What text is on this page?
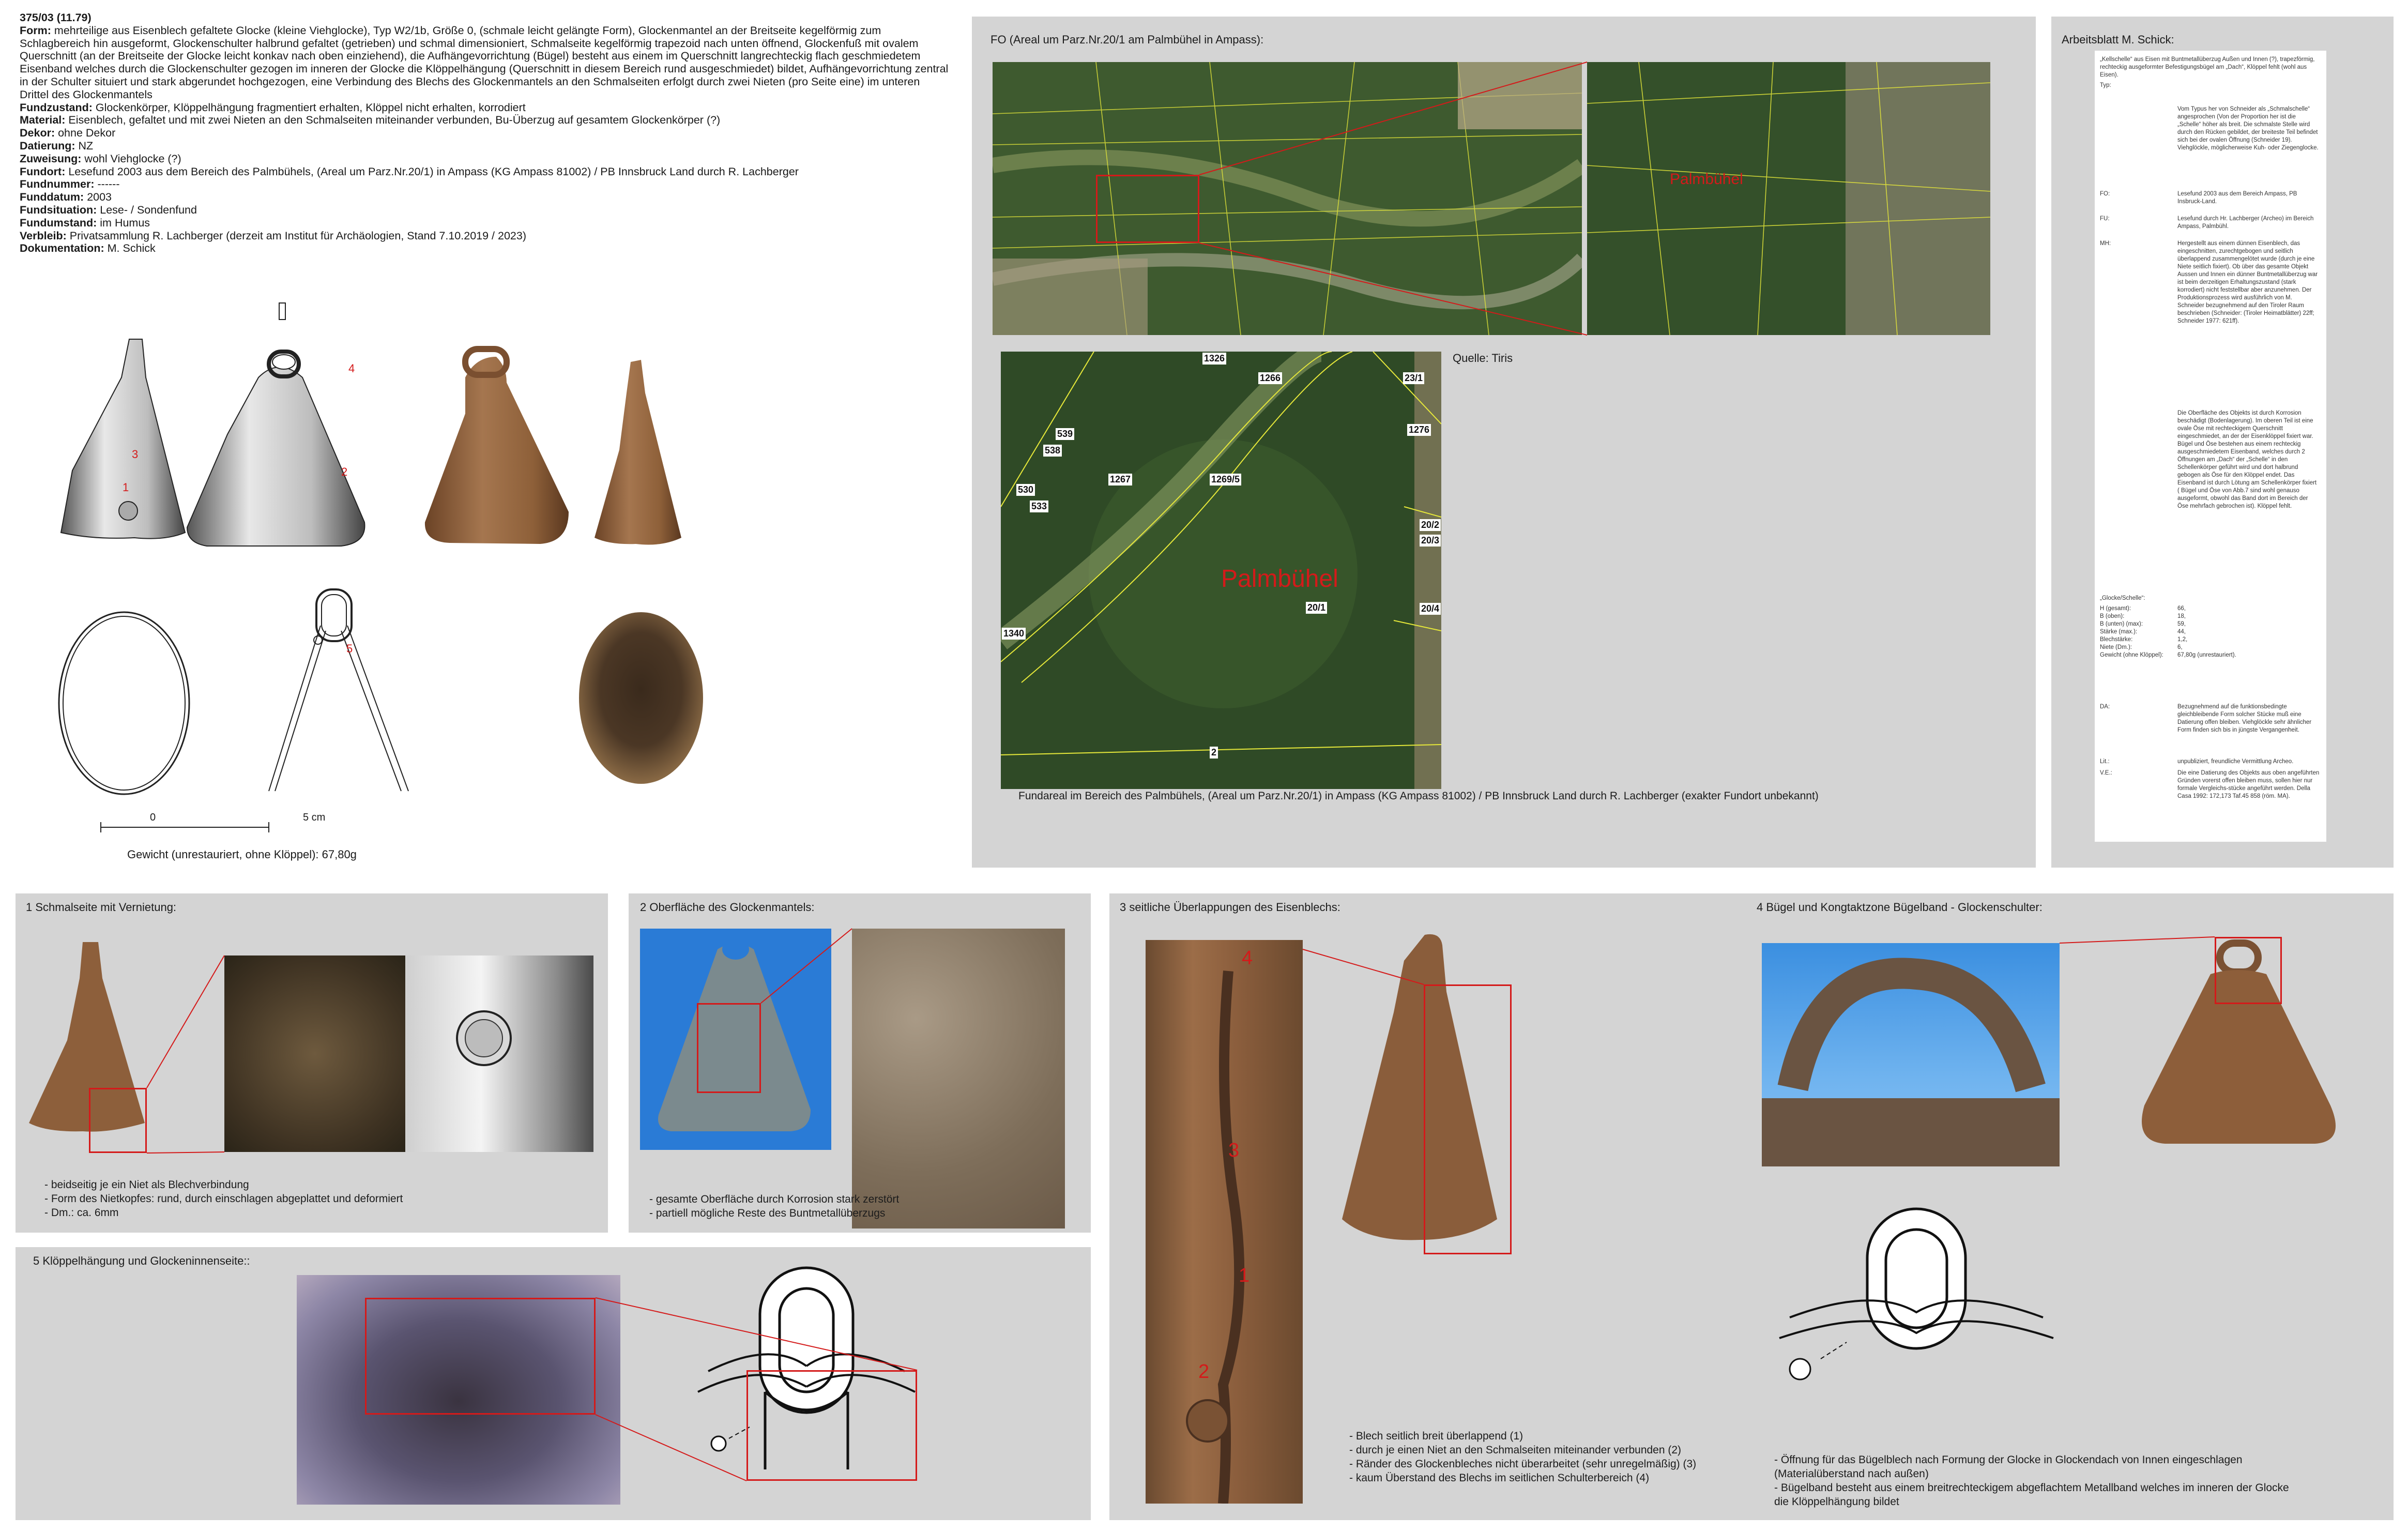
375/03 (11.79)
Form: mehrteilige aus Eisenblech gefaltete Glocke (kleine Viehglocke), Typ W2/1b, Größe 0, (schmale leicht gelängte Form), Glockenmantel an der Breitseite kegelförmig zum Schlagbereich hin ausgeformt, Glockenschulter halbrund gefaltet (getrieben) und schmal dimensioniert, Schmalseite kegelförmig trapezoid nach unten öffnend, Glockenfuß mit ovalem Querschnitt (an der Breitseite der Glocke leicht konkav nach oben einziehend), die Aufhängevorrichtung (Bügel) besteht aus einem im Querschnitt langrechteckig flach geschmiedetem Eisenband welches durch die Glockenschulter gezogen im inneren der Glocke die Klöppelhängung (Querschnitt in diesem Bereich rund ausgeschmiedet) bildet, Aufhängevorrichtung zentral in der Schulter situiert und stark abgerundet hochgezogen, eine Verbindung des Blechs des Glockenmantels an den Schmalseiten erfolgt durch zwei Nieten (pro Seite eine) im unteren Drittel des Glockenmantels
Fundzustand: Glockenkörper, Klöppelhängung fragmentiert erhalten, Klöppel nicht erhalten, korrodiert
Material: Eisenblech, gefaltet und mit zwei Nieten an den Schmalseiten miteinander verbunden, Bu-Überzug auf gesamtem Glockenkörper (?)
Dekor: ohne Dekor
Datierung: NZ
Zuweisung: wohl Viehglocke (?)
Fundort: Lesefund 2003 aus dem Bereich des Palmbühels, (Areal um Parz.Nr.20/1) in Ampass (KG Ampass 81002) / PB Innsbruck Land durch R. Lachberger
Fundnummer: ------
Funddatum: 2003
Fundsituation: Lese- / Sondenfund
Fundumstand: im Humus
Verbleib: Privatsammlung R. Lachberger (derzeit am Institut für Archäologien, Stand 7.10.2019 / 2023)
Dokumentation: M. Schick
3
1
4
2
5
0	5 cm
Gewicht (unrestauriert, ohne Klöppel): 67,80g
FO (Areal um Parz.Nr.20/1 am Palmbühel in Ampass):
Palmbühel
1326
1266	23/1
539
538
1276
1267	1269/5
530
533
20/2
20/3
20/1	20/4
1340
2
Palmbühel
Quelle: Tiris
Fundareal im Bereich des Palmbühels, (Areal um Parz.Nr.20/1) in Ampass (KG Ampass 81002) / PB Innsbruck Land durch R. Lachberger (exakter Fundort unbekannt)
Arbeitsblatt M. Schick:
„Kellschelle“ aus Eisen mit Buntmetallüberzug Außen und Innen (?), trapezförmig, rechteckig ausgeformter Befestigungsbügel am „Dach“, Klöppel fehlt (wohl aus Eisen).
Typ:
Vom Typus her von Schneider als „Schmalschelle“ angesprochen (Von der Proportion her ist die „Schelle“ höher als breit. Die schmalste Stelle wird durch den Rücken gebildet, der breiteste Teil befindet sich bei der ovalen Öffnung (Schneider 19). Viehglöckle, möglicherweise Kuh- oder Ziegenglocke.
FO:	Lesefund 2003 aus dem Bereich Ampass, PB Insbruck-Land.
FU:	Lesefund durch Hr. Lachberger (Archeo) im Bereich Ampass, Palmbühl.
MH:	Hergestellt aus einem dünnen Eisenblech, das eingeschnitten, zurechtgebogen und seitlich überlappend zusammengelötet wurde (durch je eine Niete seitlich fixiert). Ob über das gesamte Objekt Aussen und Innen ein dünner Buntmetallüberzug war ist beim derzeitigen Erhaltungszustand (stark korrodiert) nicht feststellbar aber anzunehmen. Der Produktionsprozess wird ausführlich von M. Schneider bezugnehmend auf den Tiroler Raum beschrieben (Schneider: (Tiroler Heimatblätter) 22ff; Schneider 1977: 621ff).
Die Oberfläche des Objekts ist durch Korrosion beschädigt (Bodenlagerung). Im oberen Teil ist eine ovale Öse mit rechteckigem Querschnitt eingeschmiedet, an der der Eisenklöppel fixiert war. Bügel und Öse bestehen aus einem rechteckig ausgeschmiedetem Eisenband, welches durch 2 Öffnungen am „Dach“ der „Schelle“ in den Schellenkörper geführt wird und dort halbrund gebogen als Öse für den Klöppel endet. Das Eisenband ist durch Lötung am Schellenkörper fixiert ( Bügel und Öse von Abb.7 sind wohl genauso ausgeformt, obwohl das Band dort im Bereich der Öse mehrfach gebrochen ist). Klöppel fehlt.
„Glocke/Schelle“:
H (gesamt):	66,
B (oben):	18,
B (unten) (max):	59,
Stärke (max.):	44,
Blechstärke:	1,2,
Niete (Dm.):	6,
Gewicht (ohne Klöppel):	67,80g (unrestauriert).
DA:	Bezugnehmend auf die funktionsbedingte gleichbleibende Form solcher Stücke muß eine Datierung offen bleiben. Viehglöckle sehr ähnlicher Form finden sich bis in jüngste Vergangenheit.
Lit.:	unpubliziert, freundliche Vermittlung Archeo.
V.E.:	Die eine Datierung des Objekts aus oben angeführten Gründen vorerst offen bleiben muss, sollen hier nur formale Vergleichs-stücke angeführt werden. Della Casa 1992: 172,173 Taf.45 858 (röm. MA).
1 Schmalseite mit Vernietung:
- beidseitig je ein Niet als Blechverbindung
- Form des Nietkopfes: rund, durch einschlagen abgeplattet und deformiert
- Dm.: ca. 6mm
2 Oberfläche des Glockenmantels:
- gesamte Oberfläche durch Korrosion stark zerstört
- partiell mögliche Reste des Buntmetallüberzugs
5 Klöppelhängung und Glockeninnenseite::
3 seitliche Überlappungen des Eisenblechs:
4
3
1
2
- Blech seitlich breit überlappend (1)
- durch je einen Niet an den Schmalseiten miteinander verbunden (2)
- Ränder des Glockenbleches nicht überarbeitet (sehr unregelmäßig) (3)
- kaum Überstand des Blechs im seitlichen Schulterbereich (4)
4 Bügel und Kongtaktzone Bügelband - Glockenschulter:
- Öffnung für das Bügelblech nach Formung der Glocke in Glockendach von Innen eingeschlagen
(Materialüberstand nach außen)
- Bügelband besteht aus einem breitrechteckigem abgeflachtem Metallband welches im inneren der Glocke
die Klöppelhängung bildet
